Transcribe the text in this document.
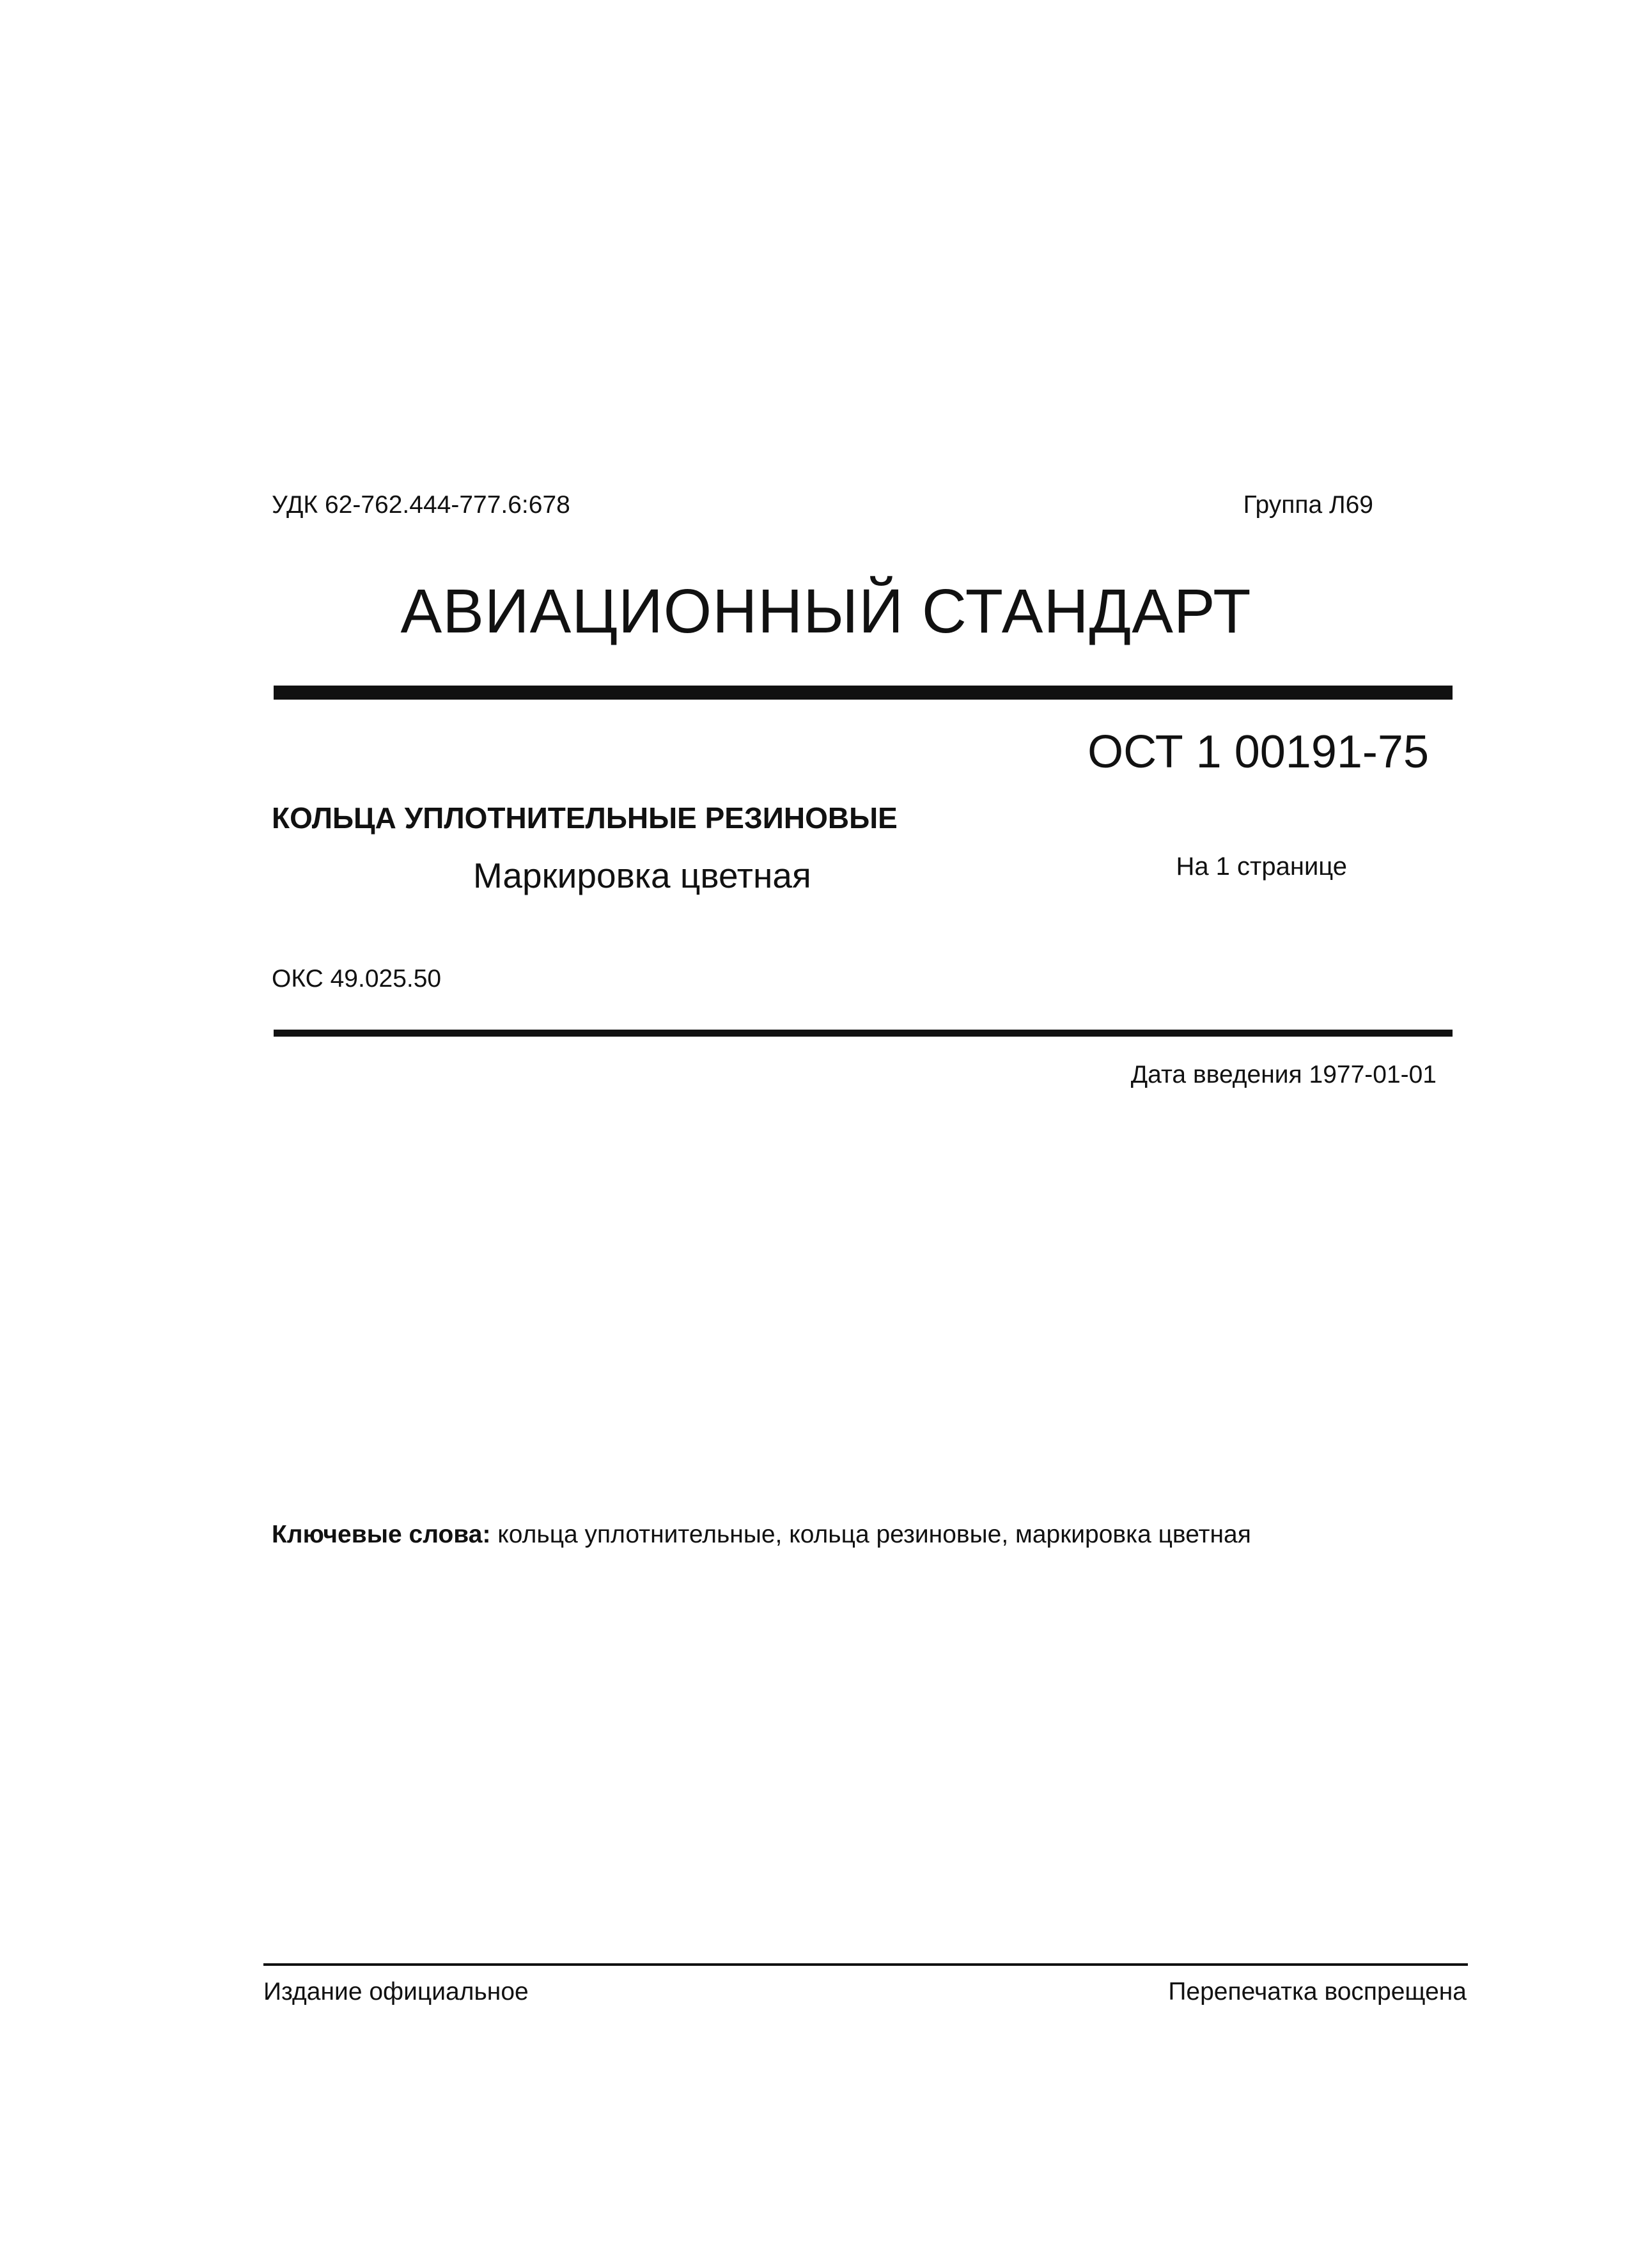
УДК 62-762.444-777.6:678	Группа Л69
АВИАЦИОННЫЙ СТАНДАРТ
ОСТ 1 00191-75
КОЛЬЦА УПЛОТНИТЕЛЬНЫЕ РЕЗИНОВЫЕ
Маркировка цветная	На 1 странице
ОКС 49.025.50
Дата введения 1977-01-01
Ключевые слова: кольца уплотнительные, кольца резиновые, маркировка цветная
Издание официальное	Перепечатка воспрещена
